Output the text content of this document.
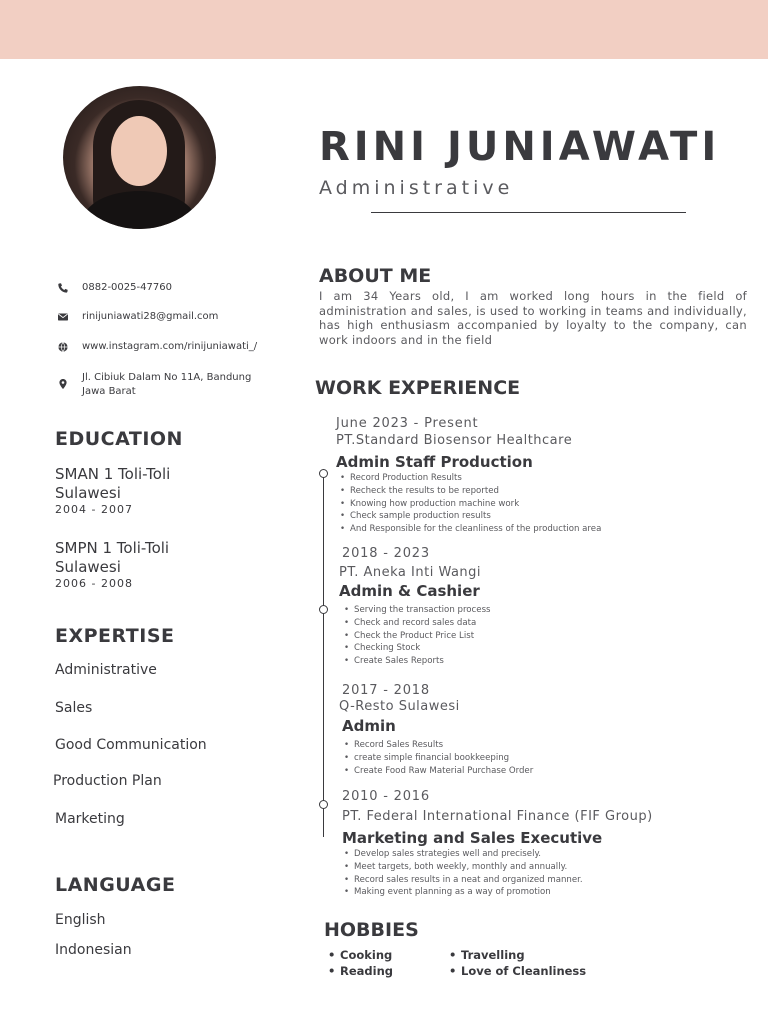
RINI JUNIAWATI
Administrative
0882-0025-47760
rinijuniawati28@gmail.com
www.instagram.com/rinijuniawati_/
Jl. Cibiuk Dalam No 11A, Bandung
Jawa Barat
EDUCATION
SMAN 1 Toli-Toli Sulawesi
2004 - 2007
SMPN 1 Toli-Toli Sulawesi
2006 - 2008
EXPERTISE
Administrative
Sales
Good Communication
Production Plan
Marketing
LANGUAGE
English
Indonesian
ABOUT ME
I am 34 Years old, I am worked long hours in the field of administration and sales, is used to working in teams and individually, has high enthusiasm accompanied by loyalty to the company, can work indoors and in the field
WORK EXPERIENCE
June 2023 - Present
PT.Standard Biosensor Healthcare
Admin Staff Production
• Record Production Results
• Recheck the results to be reported
• Knowing how production machine work
• Check sample production results
• And Responsible for the cleanliness of the production area
2018 - 2023
PT. Aneka Inti Wangi
Admin & Cashier
• Serving the transaction process
• Check and record sales data
• Check the Product Price List
• Checking Stock
• Create Sales Reports
2017 - 2018
Q-Resto Sulawesi
Admin
• Record Sales Results
• create simple financial bookkeeping
• Create Food Raw Material Purchase Order
2010 - 2016
PT. Federal International Finance (FIF Group)
Marketing and Sales Executive
• Develop sales strategies well and precisely.
• Meet targets, both weekly, monthly and annually.
• Record sales results in a neat and organized manner.
• Making event planning as a way of promotion
HOBBIES
• Cooking
• Reading
• Travelling
• Love of Cleanliness
